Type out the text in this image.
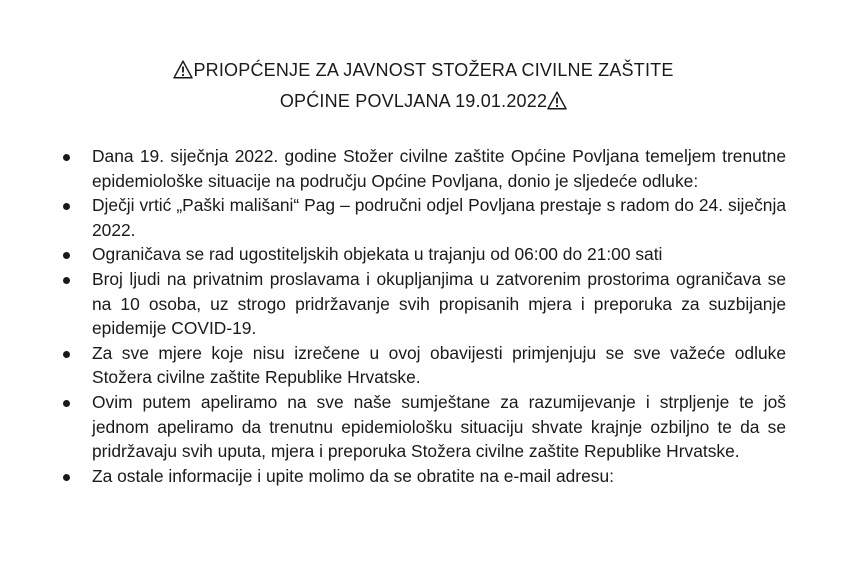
PRIOPĆENJE ZA JAVNOST STOŽERA CIVILNE ZAŠTITE
OPĆINE POVLJANA 19.01.2022
Dana 19. siječnja 2022. godine Stožer civilne zaštite Općine Povljana temeljem trenutne epidemiološke situacije na području Općine Povljana, donio je sljedeće odluke:
Dječji vrtić „Paški mališani“ Pag – područni odjel Povljana prestaje s radom do 24. siječnja 2022.
Ograničava se rad ugostiteljskih objekata u trajanju od 06:00 do 21:00 sati
Broj ljudi na privatnim proslavama i okupljanjima u zatvorenim prostorima ograničava se na 10 osoba, uz strogo pridržavanje svih propisanih mjera i preporuka za suzbijanje epidemije COVID-19.
Za sve mjere koje nisu izrečene u ovoj obavijesti primjenjuju se sve važeće odluke Stožera civilne zaštite Republike Hrvatske.
Ovim putem apeliramo na sve naše sumještane za razumijevanje i strpljenje te još jednom apeliramo da trenutnu epidemiološku situaciju shvate krajnje ozbiljno te da se pridržavaju svih uputa, mjera i preporuka Stožera civilne zaštite Republike Hrvatske.
Za ostale informacije i upite molimo da se obratite na e-mail adresu:
